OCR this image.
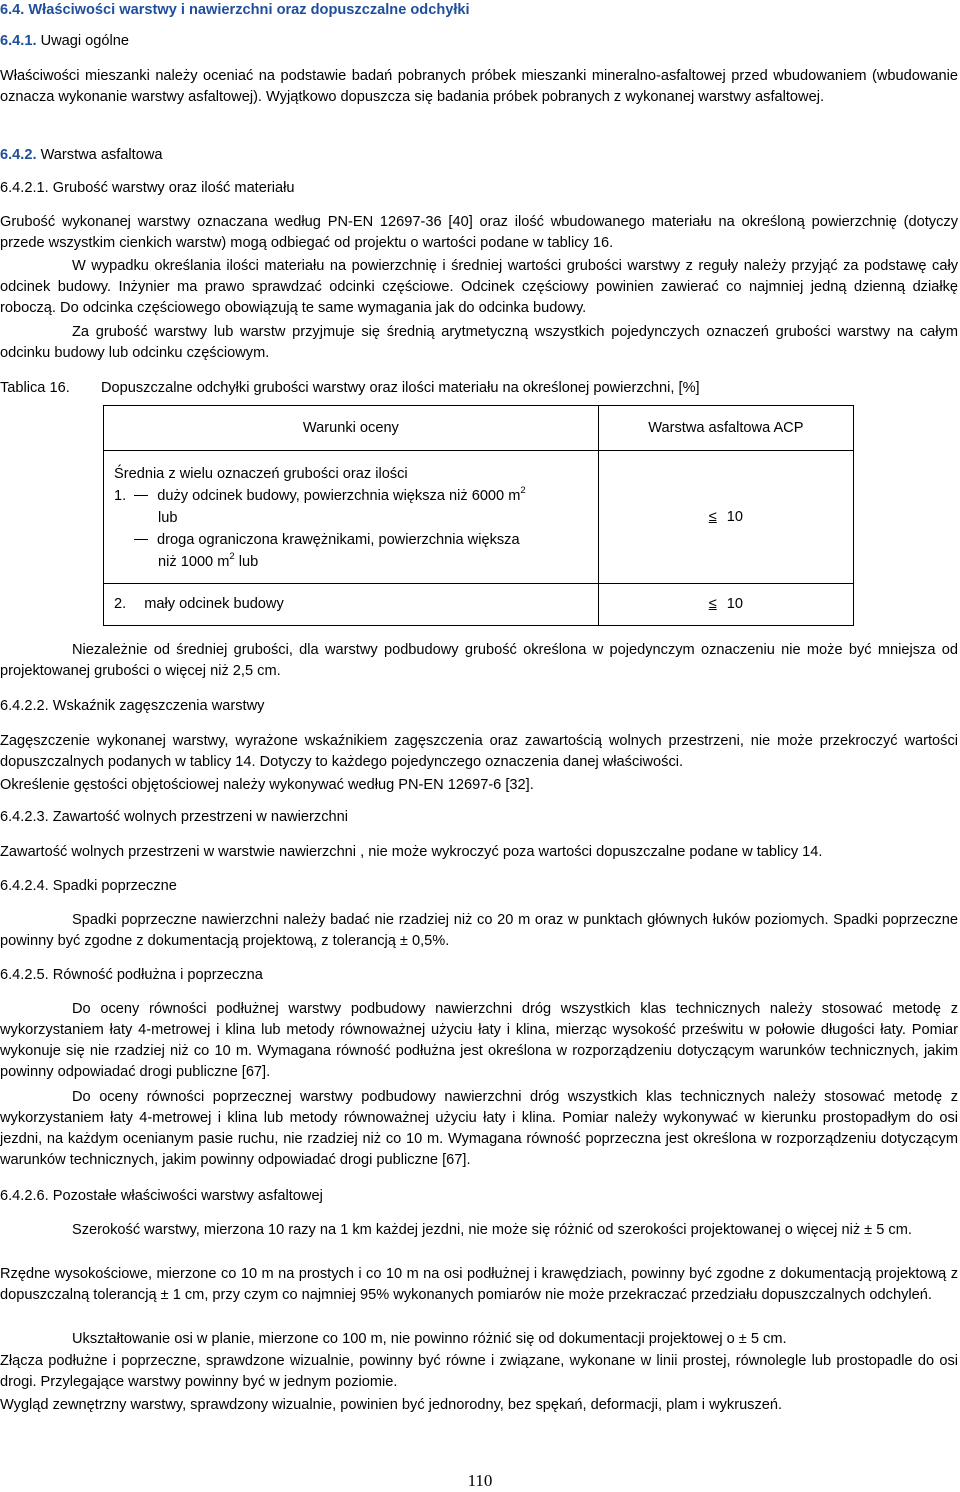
6.4. Właściwości warstwy i nawierzchni oraz dopuszczalne odchyłki

6.4.1. Uwagi ogólne

Właściwości mieszanki należy oceniać na podstawie badań pobranych próbek mieszanki mineralno-asfaltowej przed wbudowaniem (wbudowanie oznacza wykonanie warstwy asfaltowej). Wyjątkowo dopuszcza się badania próbek pobranych z wykonanej warstwy asfaltowej.

6.4.2. Warstwa asfaltowa
6.4.2.1. Grubość warstwy oraz ilość materiału

Grubość wykonanej warstwy oznaczana według PN-EN 12697-36 [40] oraz ilość wbudowanego materiału na określoną powierzchnię (dotyczy przede wszystkim cienkich warstw) mogą odbiegać od projektu o wartości podane w tablicy 16.

W wypadku określania ilości materiału na powierzchnię i średniej wartości grubości warstwy z reguły należy przyjąć za podstawę cały odcinek budowy. Inżynier ma prawo sprawdzać odcinki częściowe. Odcinek częściowy powinien zawierać co najmniej jedną dzienną działkę roboczą. Do odcinka częściowego obowiązują te same wymagania jak do odcinka budowy.

Za grubość warstwy lub warstw przyjmuje się średnią arytmetyczną wszystkich pojedynczych oznaczeń grubości warstwy na całym odcinku budowy lub odcinku częściowym.

Tablica 16. Dopuszczalne odchyłki grubości warstwy oraz ilości materiału na określonej powierzchni, [%]
Warunki oceny	Warstwa asfaltowa ACP

Średnia z wielu oznaczeń grubości oraz ilości
1. duży odcinek budowy, powierzchnia większa niż 6000 $m^2$
lub
droga ograniczona krawężnikami, powierzchnia większa
niż 1000 $m^2$ lub	≤ 10
2. mały odcinek budowy	≤ 10

Niezależnie od średniej grubości, dla warstwy podbudowy grubość określona w pojedynczym oznaczeniu nie może być mniejsza od projektowanej grubości o więcej niż 2,5 cm.

6.4.2.2. Wskaźnik zagęszczenia warstwy

Zagęszczenie wykonanej warstwy, wyrażone wskaźnikiem zagęszczenia oraz zawartością wolnych przestrzeni, nie może przekroczyć wartości dopuszczalnych podanych w tablicy 14. Dotyczy to każdego pojedynczego oznaczenia danej właściwości.

Określenie gęstości objętościowej należy wykonywać według PN-EN 12697-6 [32].

6.4.2.3. Zawartość wolnych przestrzeni w nawierzchni

Zawartość wolnych przestrzeni w warstwie nawierzchni , nie może wykroczyć poza wartości dopuszczalne podane w tablicy 14.

6.4.2.4. Spadki poprzeczne

Spadki poprzeczne nawierzchni należy badać nie rzadziej niż co 20 m oraz w punktach głównych łuków poziomych. Spadki poprzeczne powinny być zgodne z dokumentacją projektową, z tolerancją ± 0,5%.

6.4.2.5. Równość podłużna i poprzeczna

Do oceny równości podłużnej warstwy podbudowy nawierzchni dróg wszystkich klas technicznych należy stosować metodę z wykorzystaniem łaty 4-metrowej i klina lub metody równoważnej użyciu łaty i klina, mierząc wysokość prześwitu w połowie długości łaty. Pomiar wykonuje się nie rzadziej niż co 10 m. Wymagana równość podłużna jest określona w rozporządzeniu dotyczącym warunków technicznych, jakim powinny odpowiadać drogi publiczne [67].

Do oceny równości poprzecznej warstwy podbudowy nawierzchni dróg wszystkich klas technicznych należy stosować metodę z wykorzystaniem łaty 4-metrowej i klina lub metody równoważnej użyciu łaty i klina. Pomiar należy wykonywać w kierunku prostopadłym do osi jezdni, na każdym ocenianym pasie ruchu, nie rzadziej niż co 10 m. Wymagana równość poprzeczna jest określona w rozporządzeniu dotyczącym warunków technicznych, jakim powinny odpowiadać drogi publiczne [67].

6.4.2.6. Pozostałe właściwości warstwy asfaltowej

Szerokość warstwy, mierzona 10 razy na 1 km każdej jezdni, nie może się różnić od szerokości projektowanej o więcej niż ± 5 cm.

Rzędne wysokościowe, mierzone co 10 m na prostych i co 10 m na osi podłużnej i krawędziach, powinny być zgodne z dokumentacją projektową z dopuszczalną tolerancją ± 1 cm, przy czym co najmniej 95% wykonanych pomiarów nie może przekraczać przedziału dopuszczalnych odchyleń.

Ukształtowanie osi w planie, mierzone co 100 m, nie powinno różnić się od dokumentacji projektowej o ± 5 cm.

Złącza podłużne i poprzeczne, sprawdzone wizualnie, powinny być równe i związane, wykonane w linii prostej, równolegle lub prostopadle do osi drogi. Przylegające warstwy powinny być w jednym poziomie.

Wygląd zewnętrzny warstwy, sprawdzony wizualnie, powinien być jednorodny, bez spękań, deformacji, plam i wykruszeń.

110
